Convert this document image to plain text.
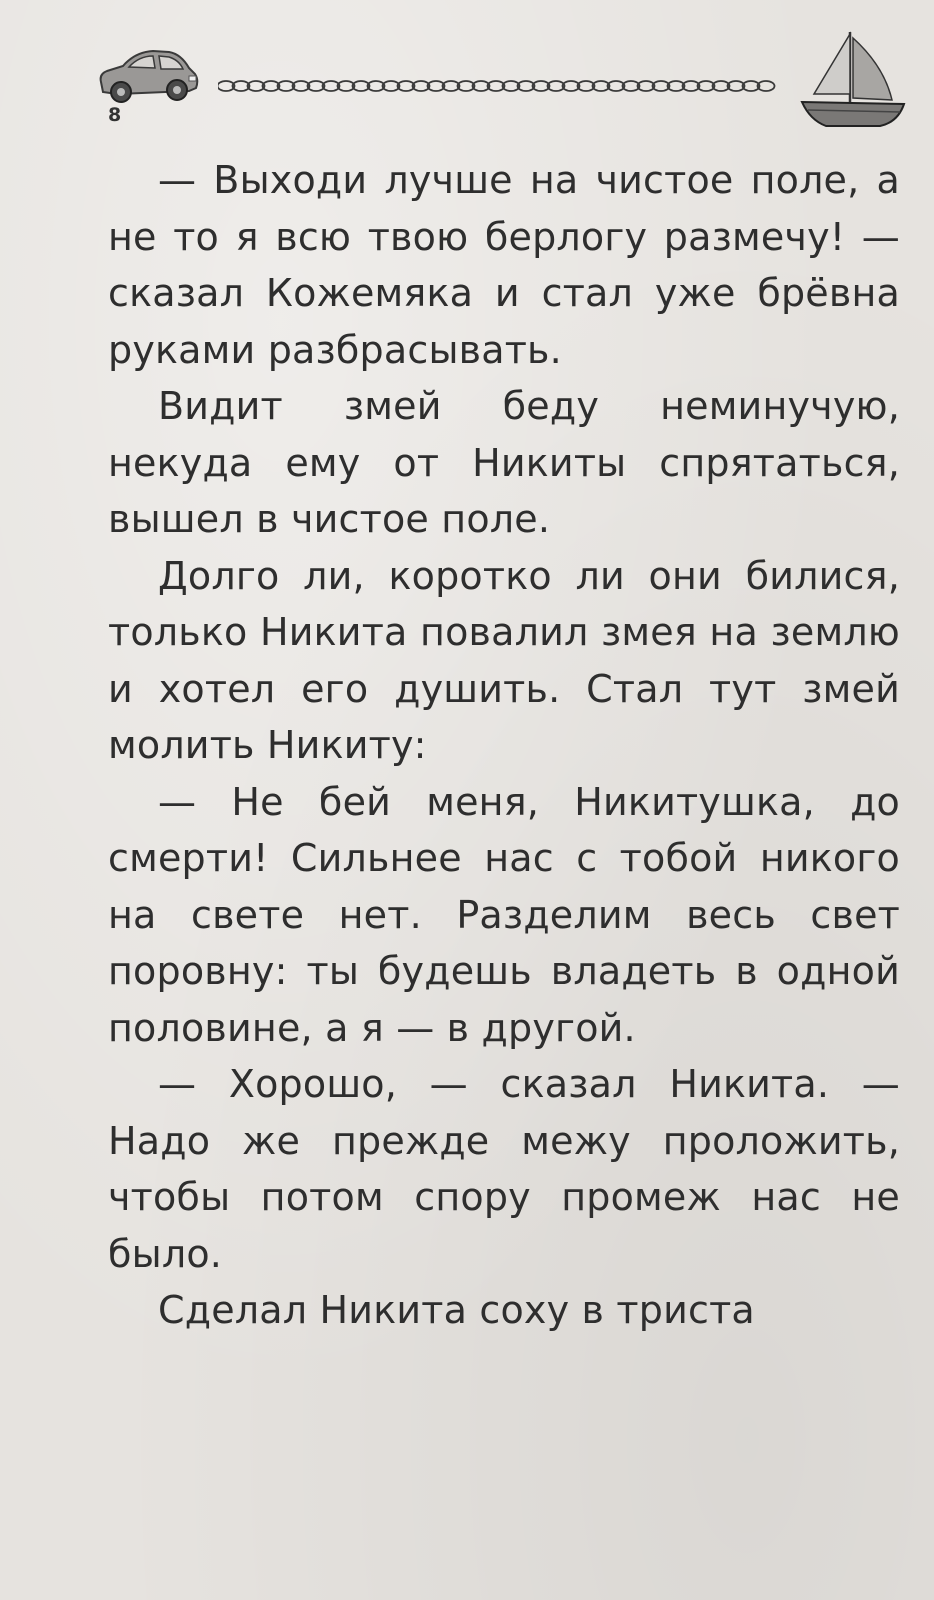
8

— Выходи лучше на чистое поле, а не то я всю твою берлогу размечу! — сказал Кожемяка и стал уже брёвна руками разбрасывать.

Видит змей беду неминучую, некуда ему от Никиты спрятаться, вышел в чистое поле.

Долго ли, коротко ли они билися, только Никита повалил змея на землю и хотел его душить. Стал тут змей молить Никиту:

— Не бей меня, Никитушка, до смерти! Сильнее нас с тобой никого на свете нет. Разделим весь свет поровну: ты будешь владеть в одной половине, а я — в другой.

— Хорошо, — сказал Никита. — Надо же прежде межу проложить, чтобы потом спору промеж нас не было.

Сделал Никита соху в триста
